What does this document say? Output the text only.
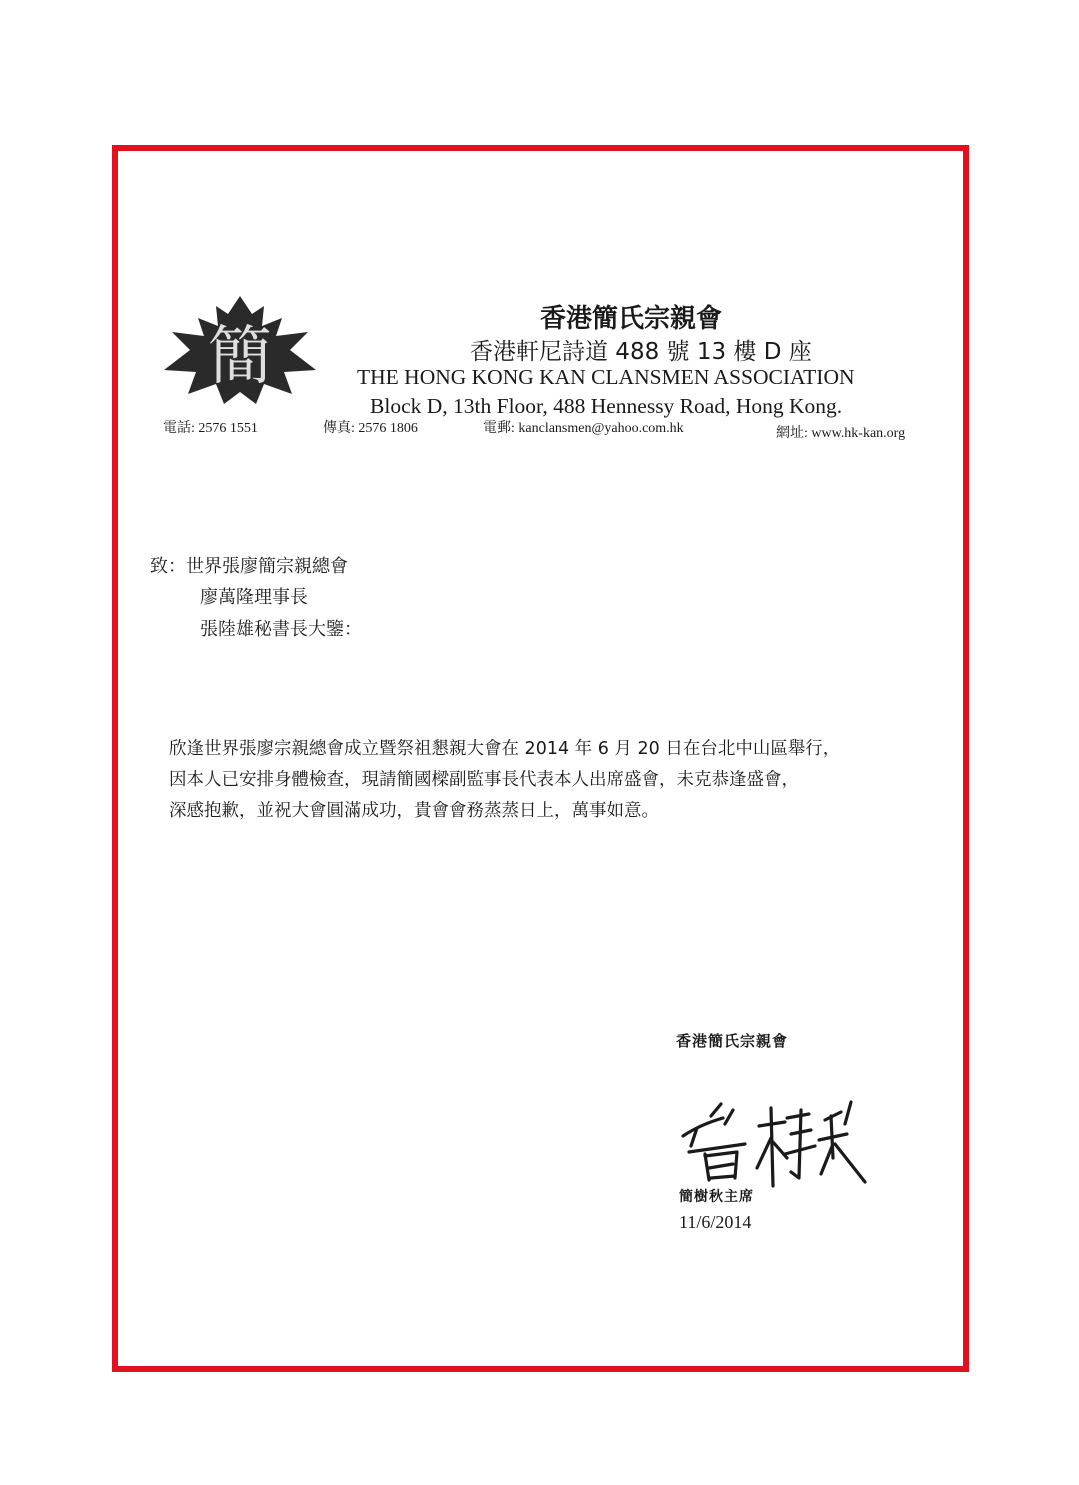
簡
香港簡氏宗親會
香港軒尼詩道 488 號 13 樓 D 座
THE HONG KONG KAN CLANSMEN ASSOCIATION
Block D, 13th Floor, 488 Hennessy Road, Hong Kong.
電話: 2576 1551	傳真: 2576 1806	電郵: kanclansmen@yahoo.com.hk	網址: www.hk-kan.org
致：世界張廖簡宗親總會
廖萬隆理事長
張陸雄秘書長大鑒：
欣逢世界張廖宗親總會成立暨祭祖懇親大會在 2014 年 6 月 20 日在台北中山區舉行，
因本人已安排身體檢查，現請簡國樑副監事長代表本人出席盛會，未克恭逢盛會，
深感抱歉，並祝大會圓滿成功，貴會會務蒸蒸日上，萬事如意。
香港簡氏宗親會
簡樹秋主席
11/6/2014
